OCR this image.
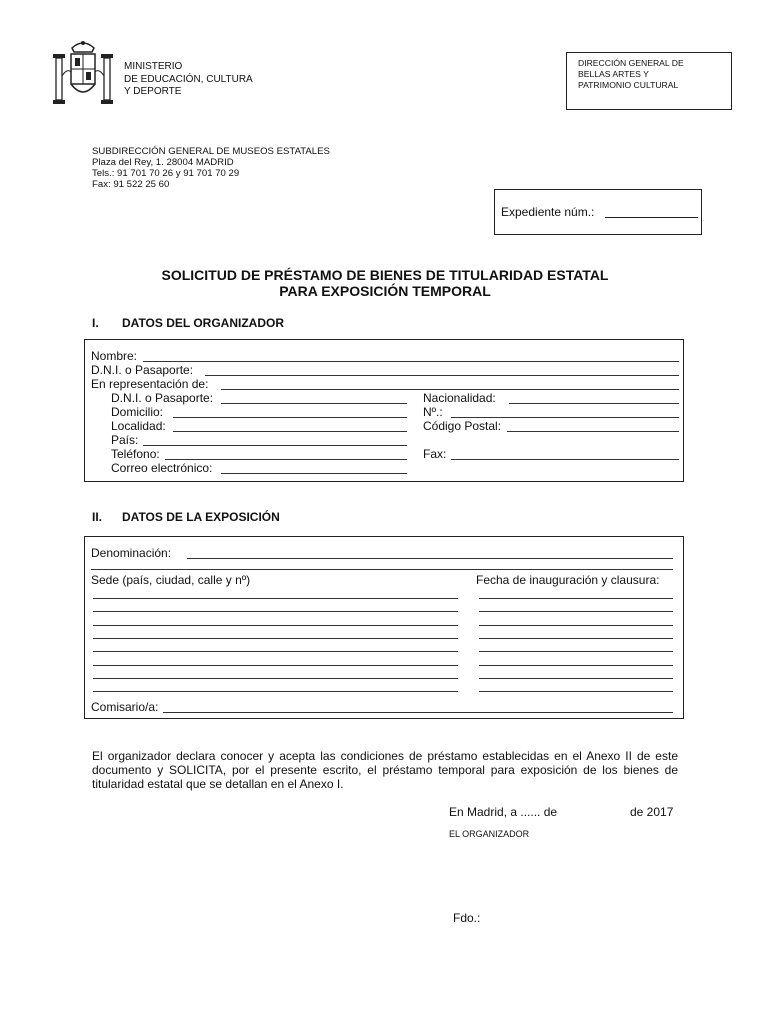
MINISTERIO
DE EDUCACIÓN, CULTURA
Y DEPORTE
DIRECCIÓN GENERAL DE
BELLAS ARTES Y
PATRIMONIO CULTURAL
SUBDIRECCIÓN GENERAL DE MUSEOS ESTATALES
Plaza del Rey, 1. 28004 MADRID
Tels.: 91 701 70 26 y 91 701 70 29
Fax: 91 522 25 60
Expediente núm.:
SOLICITUD DE PRÉSTAMO DE BIENES DE TITULARIDAD ESTATAL
PARA EXPOSICIÓN TEMPORAL
I. DATOS DEL ORGANIZADOR
Nombre:
D.N.I. o Pasaporte:
En representación de:
D.N.I. o Pasaporte:	Nacionalidad:
Domicilio:	Nº.:
Localidad:	Código Postal:
País:
Teléfono:	Fax:
Correo electrónico:
II. DATOS DE LA EXPOSICIÓN
Denominación:
Sede (país, ciudad, calle y nº)	Fecha de inauguración y clausura:
Comisario/a:
El organizador declara conocer y acepta las condiciones de préstamo establecidas en el Anexo II de este documento y SOLICITA, por el presente escrito, el préstamo temporal para exposición de los bienes de titularidad estatal que se detallan en el Anexo I.
En Madrid, a ...... de	de 2017
EL ORGANIZADOR
Fdo.:
